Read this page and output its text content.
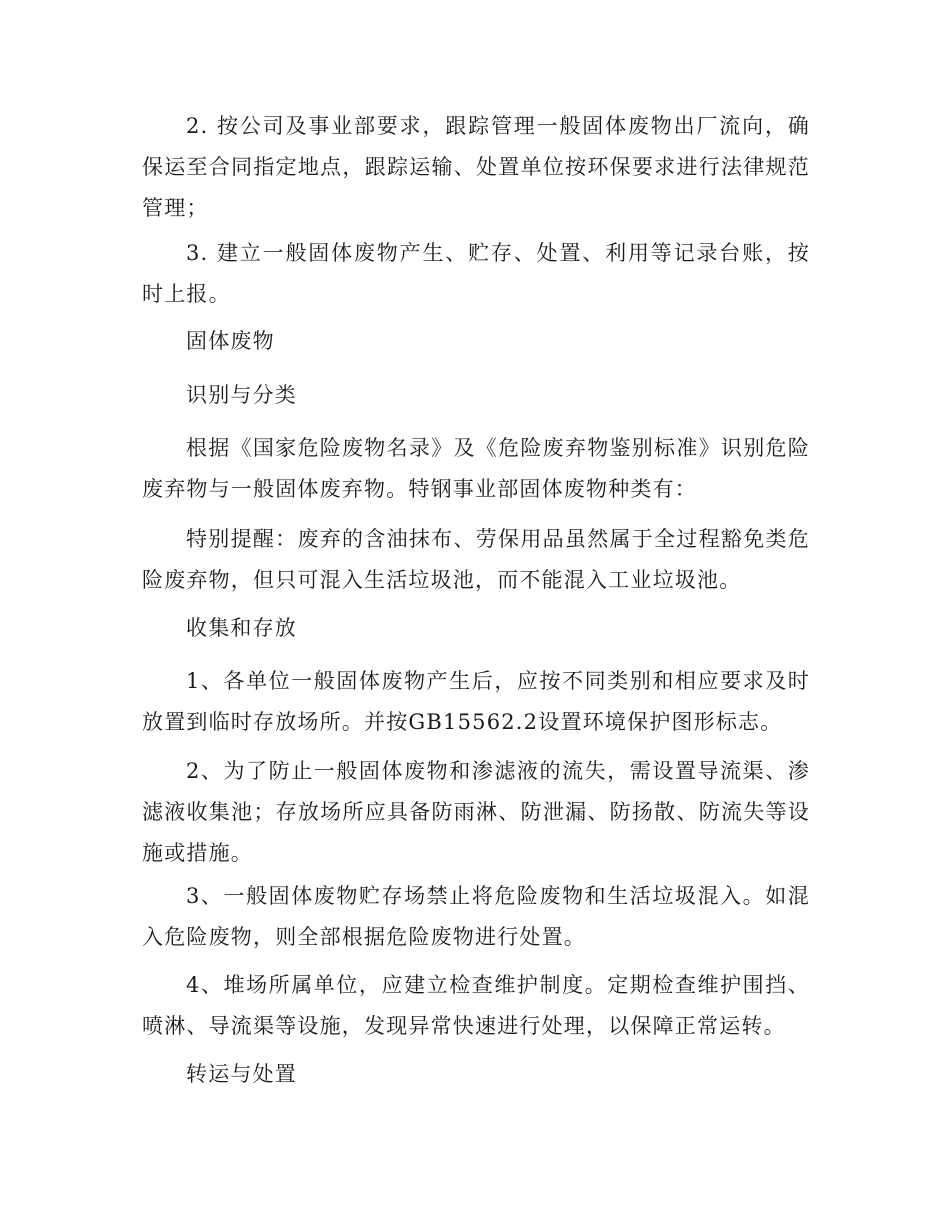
2. 按公司及事业部要求，跟踪管理一般固体废物出厂流向，确保运至合同指定地点，跟踪运输、处置单位按环保要求进行法律规范管理；

3. 建立一般固体废物产生、贮存、处置、利用等记录台账，按时上报。

固体废物

识别与分类

根据《国家危险废物名录》及《危险废弃物鉴别标准》识别危险废弃物与一般固体废弃物。特钢事业部固体废物种类有：

特别提醒：废弃的含油抹布、劳保用品虽然属于全过程豁免类危险废弃物，但只可混入生活垃圾池，而不能混入工业垃圾池。

收集和存放

1、各单位一般固体废物产生后，应按不同类别和相应要求及时放置到临时存放场所。并按GB15562.2设置环境保护图形标志。

2、为了防止一般固体废物和渗滤液的流失，需设置导流渠、渗滤液收集池；存放场所应具备防雨淋、防泄漏、防扬散、防流失等设施或措施。

3、一般固体废物贮存场禁止将危险废物和生活垃圾混入。如混入危险废物，则全部根据危险废物进行处置。

4、堆场所属单位，应建立检查维护制度。定期检查维护围挡、喷淋、导流渠等设施，发现异常快速进行处理，以保障正常运转。

转运与处置
